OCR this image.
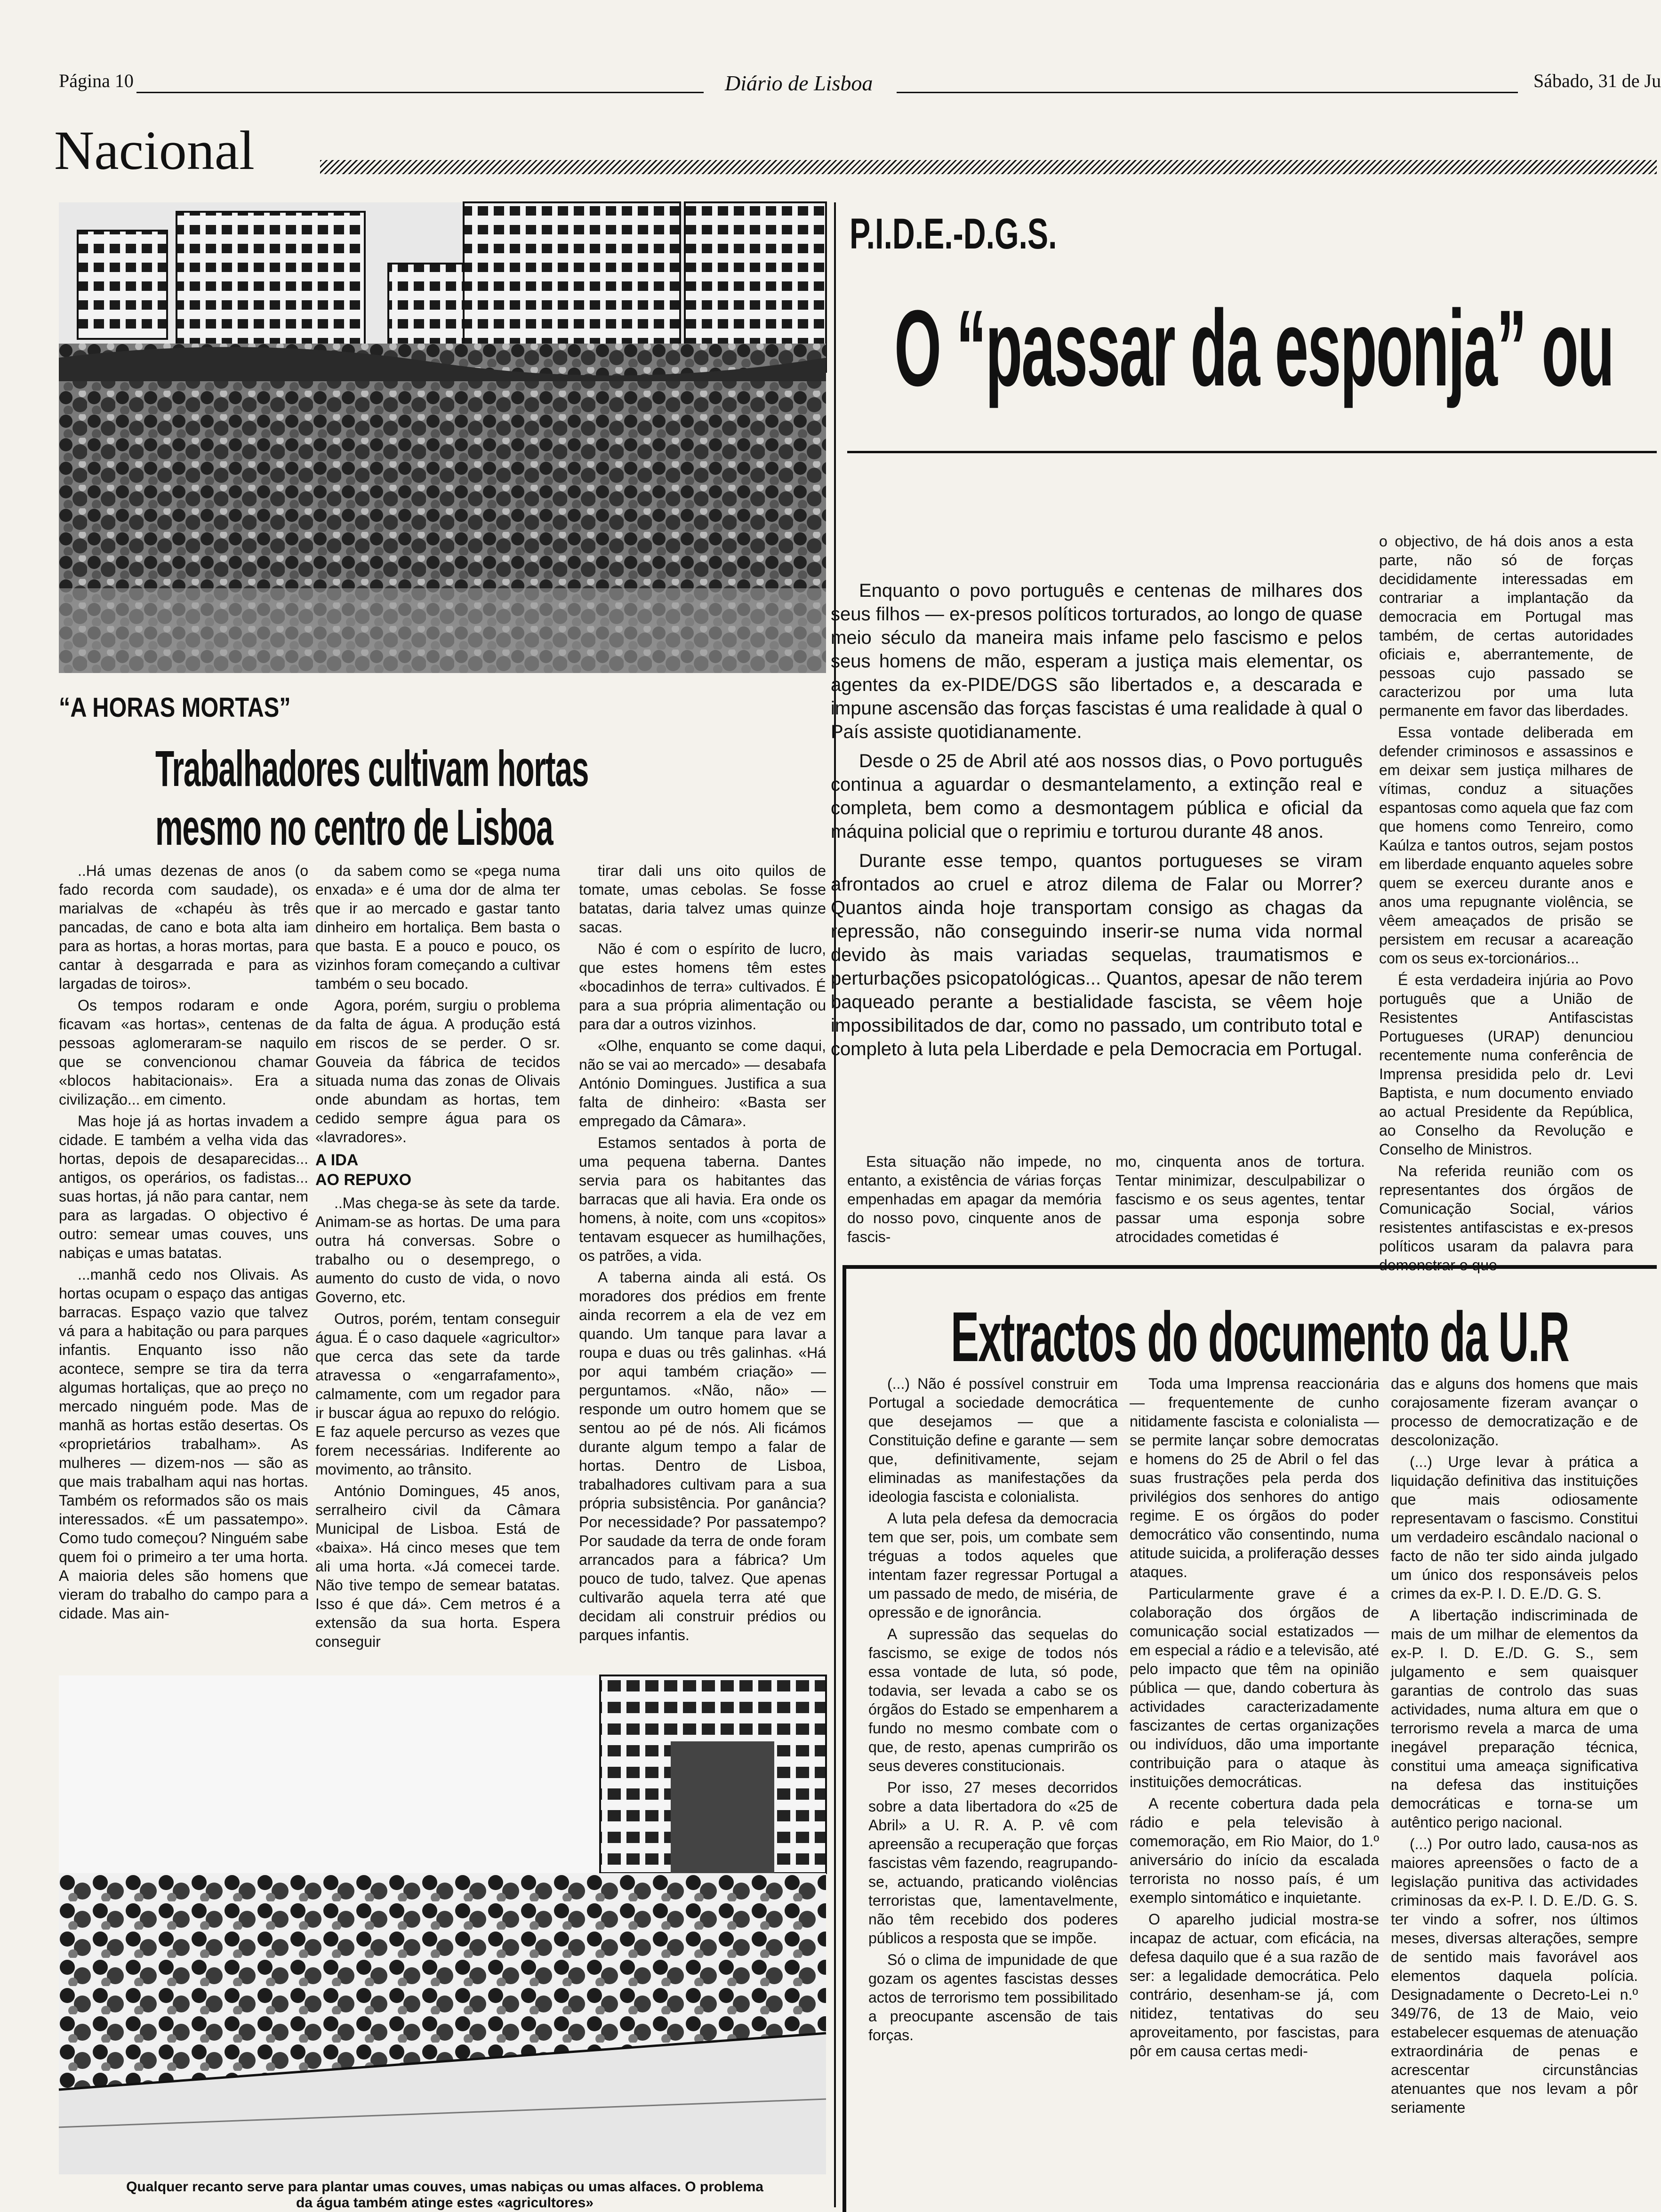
Página 10	Diário de Lisboa	Sábado, 31 de Ju
Nacional
“A HORAS MORTAS”
Trabalhadores cultivam hortas
mesmo no centro de Lisboa

..Há umas dezenas de anos (o fado recorda com saudade), os marialvas de «chapéu às três pancadas, de cano e bota alta iam para as hortas, a horas mortas, para cantar à desgarrada e para as largadas de toiros».

Os tempos rodaram e onde ficavam «as hortas», centenas de pessoas aglomeraram-se naquilo que se convencionou chamar «blocos habitacionais». Era a civilização... em cimento.

Mas hoje já as hortas invadem a cidade. E também a velha vida das hortas, depois de desaparecidas... antigos, os operários, os fadistas... suas hortas, já não para cantar, nem para as largadas. O objectivo é outro: semear umas couves, uns nabiças e umas batatas.

...manhã cedo nos Olivais. As hortas ocupam o espaço das antigas barracas. Espaço vazio que talvez vá para a habitação ou para parques infantis. Enquanto isso não acontece, sempre se tira da terra algumas hortaliças, que ao preço no mercado ninguém pode. Mas de manhã as hortas estão desertas. Os «proprietários trabalham». As mulheres — dizem-nos — são as que mais trabalham aqui nas hortas. Também os reformados são os mais interessados. «É um passatempo». Como tudo começou? Ninguém sabe quem foi o primeiro a ter uma horta. A maioria deles são homens que vieram do trabalho do campo para a cidade. Mas ain-

da sabem como se «pega numa enxada» e é uma dor de alma ter que ir ao mercado e gastar tanto dinheiro em hortaliça. Bem basta o que basta. E a pouco e pouco, os vizinhos foram começando a cultivar também o seu bocado.

Agora, porém, surgiu o problema da falta de água. A produção está em riscos de se perder. O sr. Gouveia da fábrica de tecidos situada numa das zonas de Olivais onde abundam as hortas, tem cedido sempre água para os «lavradores».

A IDA
AO REPUXO

..Mas chega-se às sete da tarde. Animam-se as hortas. De uma para outra há conversas. Sobre o trabalho ou o desemprego, o aumento do custo de vida, o novo Governo, etc.

Outros, porém, tentam conseguir água. É o caso daquele «agricultor» que cerca das sete da tarde atravessa o «engarrafamento», calmamente, com um regador para ir buscar água ao repuxo do relógio. E faz aquele percurso as vezes que forem necessárias. Indiferente ao movimento, ao trânsito.

António Domingues, 45 anos, serralheiro civil da Câmara Municipal de Lisboa. Está de «baixa». Há cinco meses que tem ali uma horta. «Já comecei tarde. Não tive tempo de semear batatas. Isso é que dá». Cem metros é a extensão da sua horta. Espera conseguir

tirar dali uns oito quilos de tomate, umas cebolas. Se fosse batatas, daria talvez umas quinze sacas.

Não é com o espírito de lucro, que estes homens têm estes «bocadinhos de terra» cultivados. É para a sua própria alimentação ou para dar a outros vizinhos.

«Olhe, enquanto se come daqui, não se vai ao mercado» — desabafa António Domingues. Justifica a sua falta de dinheiro: «Basta ser empregado da Câmara».

Estamos sentados à porta de uma pequena taberna. Dantes servia para os habitantes das barracas que ali havia. Era onde os homens, à noite, com uns «copitos» tentavam esquecer as humilhações, os patrões, a vida.

A taberna ainda ali está. Os moradores dos prédios em frente ainda recorrem a ela de vez em quando. Um tanque para lavar a roupa e duas ou três galinhas. «Há por aqui também criação» — perguntamos. «Não, não» — responde um outro homem que se sentou ao pé de nós. Ali ficámos durante algum tempo a falar de hortas. Dentro de Lisboa, trabalhadores cultivam para a sua própria subsistência. Por ganância? Por necessidade? Por passatempo? Por saudade da terra de onde foram arrancados para a fábrica? Um pouco de tudo, talvez. Que apenas cultivarão aquela terra até que decidam ali construir prédios ou parques infantis.

Qualquer recanto serve para plantar umas couves, umas nabiças ou umas alfaces. O problema
da água também atinge estes «agricultores»
P.I.D.E.-D.G.S.
O “passar da esponja” ou

Enquanto o povo português e centenas de milhares dos seus filhos — ex-presos políticos torturados, ao longo de quase meio século da maneira mais infame pelo fascismo e pelos seus homens de mão, esperam a justiça mais elementar, os agentes da ex-PIDE/DGS são libertados e, a descarada e impune ascensão das forças fascistas é uma realidade à qual o País assiste quotidianamente.

Desde o 25 de Abril até aos nossos dias, o Povo português continua a aguardar o desmantelamento, a extinção real e completa, bem como a desmontagem pública e oficial da máquina policial que o reprimiu e torturou durante 48 anos.

Durante esse tempo, quantos portugueses se viram afrontados ao cruel e atroz dilema de Falar ou Morrer? Quantos ainda hoje transportam consigo as chagas da repressão, não conseguindo inserir-se numa vida normal devido às mais variadas sequelas, traumatismos e perturbações psicopatológicas... Quantos, apesar de não terem baqueado perante a bestialidade fascista, se vêem hoje impossibilitados de dar, como no passado, um contributo total e completo à luta pela Liberdade e pela Democracia em Portugal.

Esta situação não impede, no entanto, a existência de várias forças empenhadas em apagar da memória do nosso povo, cinquente anos de fascis-

mo, cinquenta anos de tortura. Tentar minimizar, desculpabilizar o fascismo e os seus agentes, tentar passar uma esponja sobre atrocidades cometidas é

o objectivo, de há dois anos a esta parte, não só de forças decididamente interessadas em contrariar a implantação da democracia em Portugal mas também, de certas autoridades oficiais e, aberrantemente, de pessoas cujo passado se caracterizou por uma luta permanente em favor das liberdades.

Essa vontade deliberada em defender criminosos e assassinos e em deixar sem justiça milhares de vítimas, conduz a situações espantosas como aquela que faz com que homens como Tenreiro, como Kaúlza e tantos outros, sejam postos em liberdade enquanto aqueles sobre quem se exerceu durante anos e anos uma repugnante violência, se vêem ameaçados de prisão se persistem em recusar a acareação com os seus ex-torcionários...

É esta verdadeira injúria ao Povo português que a União de Resistentes Antifascistas Portugueses (URAP) denunciou recentemente numa conferência de Imprensa presidida pelo dr. Levi Baptista, e num documento enviado ao actual Presidente da República, ao Conselho da Revolução e Conselho de Ministros.

Na referida reunião com os representantes dos órgãos de Comunicação Social, vários resistentes antifascistas e ex-presos políticos usaram da palavra para demonstrar o que

Extractos do documento da U.R

(...) Não é possível construir em Portugal a sociedade democrática que desejamos — que a Constituição define e garante — sem que, definitivamente, sejam eliminadas as manifestações da ideologia fascista e colonialista.

A luta pela defesa da democracia tem que ser, pois, um combate sem tréguas a todos aqueles que intentam fazer regressar Portugal a um passado de medo, de miséria, de opressão e de ignorância.

A supressão das sequelas do fascismo, se exige de todos nós essa vontade de luta, só pode, todavia, ser levada a cabo se os órgãos do Estado se empenharem a fundo no mesmo combate com o que, de resto, apenas cumprirão os seus deveres constitucionais.

Por isso, 27 meses decorridos sobre a data libertadora do «25 de Abril» a U. R. A. P. vê com apreensão a recuperação que forças fascistas vêm fazendo, reagrupando-se, actuando, praticando violências terroristas que, lamentavelmente, não têm recebido dos poderes públicos a resposta que se impõe.

Só o clima de impunidade de que gozam os agentes fascistas desses actos de terrorismo tem possibilitado a preocupante ascensão de tais forças.

Toda uma Imprensa reaccionária — frequentemente de cunho nitidamente fascista e colonialista — se permite lançar sobre democratas e homens do 25 de Abril o fel das suas frustrações pela perda dos privilégios dos senhores do antigo regime. E os órgãos do poder democrático vão consentindo, numa atitude suicida, a proliferação desses ataques.

Particularmente grave é a colaboração dos órgãos de comunicação social estatizados — em especial a rádio e a televisão, até pelo impacto que têm na opinião pública — que, dando cobertura às actividades caracterizadamente fascizantes de certas organizações ou indivíduos, dão uma importante contribuição para o ataque às instituições democráticas.

A recente cobertura dada pela rádio e pela televisão à comemoração, em Rio Maior, do 1.º aniversário do início da escalada terrorista no nosso país, é um exemplo sintomático e inquietante.

O aparelho judicial mostra-se incapaz de actuar, com eficácia, na defesa daquilo que é a sua razão de ser: a legalidade democrática. Pelo contrário, desenham-se já, com nitidez, tentativas do seu aproveitamento, por fascistas, para pôr em causa certas medi-

das e alguns dos homens que mais corajosamente fizeram avançar o processo de democratização e de descolonização.

(...) Urge levar à prática a liquidação definitiva das instituições que mais odiosamente representavam o fascismo. Constitui um verdadeiro escândalo nacional o facto de não ter sido ainda julgado um único dos responsáveis pelos crimes da ex-P. I. D. E./D. G. S.

A libertação indiscriminada de mais de um milhar de elementos da ex-P. I. D. E./D. G. S., sem julgamento e sem quaisquer garantias de controlo das suas actividades, numa altura em que o terrorismo revela a marca de uma inegável preparação técnica, constitui uma ameaça significativa na defesa das instituições democráticas e torna-se um autêntico perigo nacional.

(...) Por outro lado, causa-nos as maiores apreensões o facto de a legislação punitiva das actividades criminosas da ex-P. I. D. E./D. G. S. ter vindo a sofrer, nos últimos meses, diversas alterações, sempre de sentido mais favorável aos elementos daquela polícia. Designadamente o Decreto-Lei n.º 349/76, de 13 de Maio, veio estabelecer esquemas de atenuação extraordinária de penas e acrescentar circunstâncias atenuantes que nos levam a pôr seriamente
